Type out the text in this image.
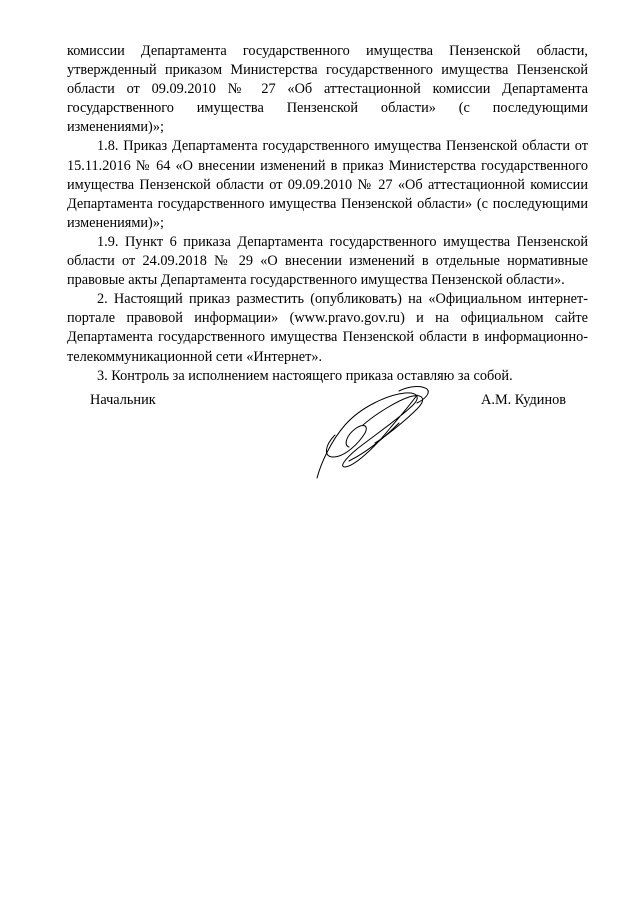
комиссии Департамента государственного имущества Пензенской области, утвержденный приказом Министерства государственного имущества Пензенской области от 09.09.2010 № 27 «Об аттестационной комиссии Департамента государственного имущества Пензенской области» (с последующими изменениями)»;

1.8. Приказ Департамента государственного имущества Пензенской области от 15.11.2016 № 64 «О внесении изменений в приказ Министерства государственного имущества Пензенской области от 09.09.2010 № 27 «Об аттестационной комиссии Департамента государственного имущества Пензенской области» (с последующими изменениями)»;

1.9. Пункт 6 приказа Департамента государственного имущества Пензенской области от 24.09.2018 № 29 «О внесении изменений в отдельные нормативные правовые акты Департамента государственного имущества Пензенской области».

2. Настоящий приказ разместить (опубликовать) на «Официальном интернет-портале правовой информации» (www.pravo.gov.ru) и на официальном сайте Департамента государственного имущества Пензенской области в информационно-телекоммуникационной сети «Интернет».

3. Контроль за исполнением настоящего приказа оставляю за собой.

Начальник	А.М. Кудинов
